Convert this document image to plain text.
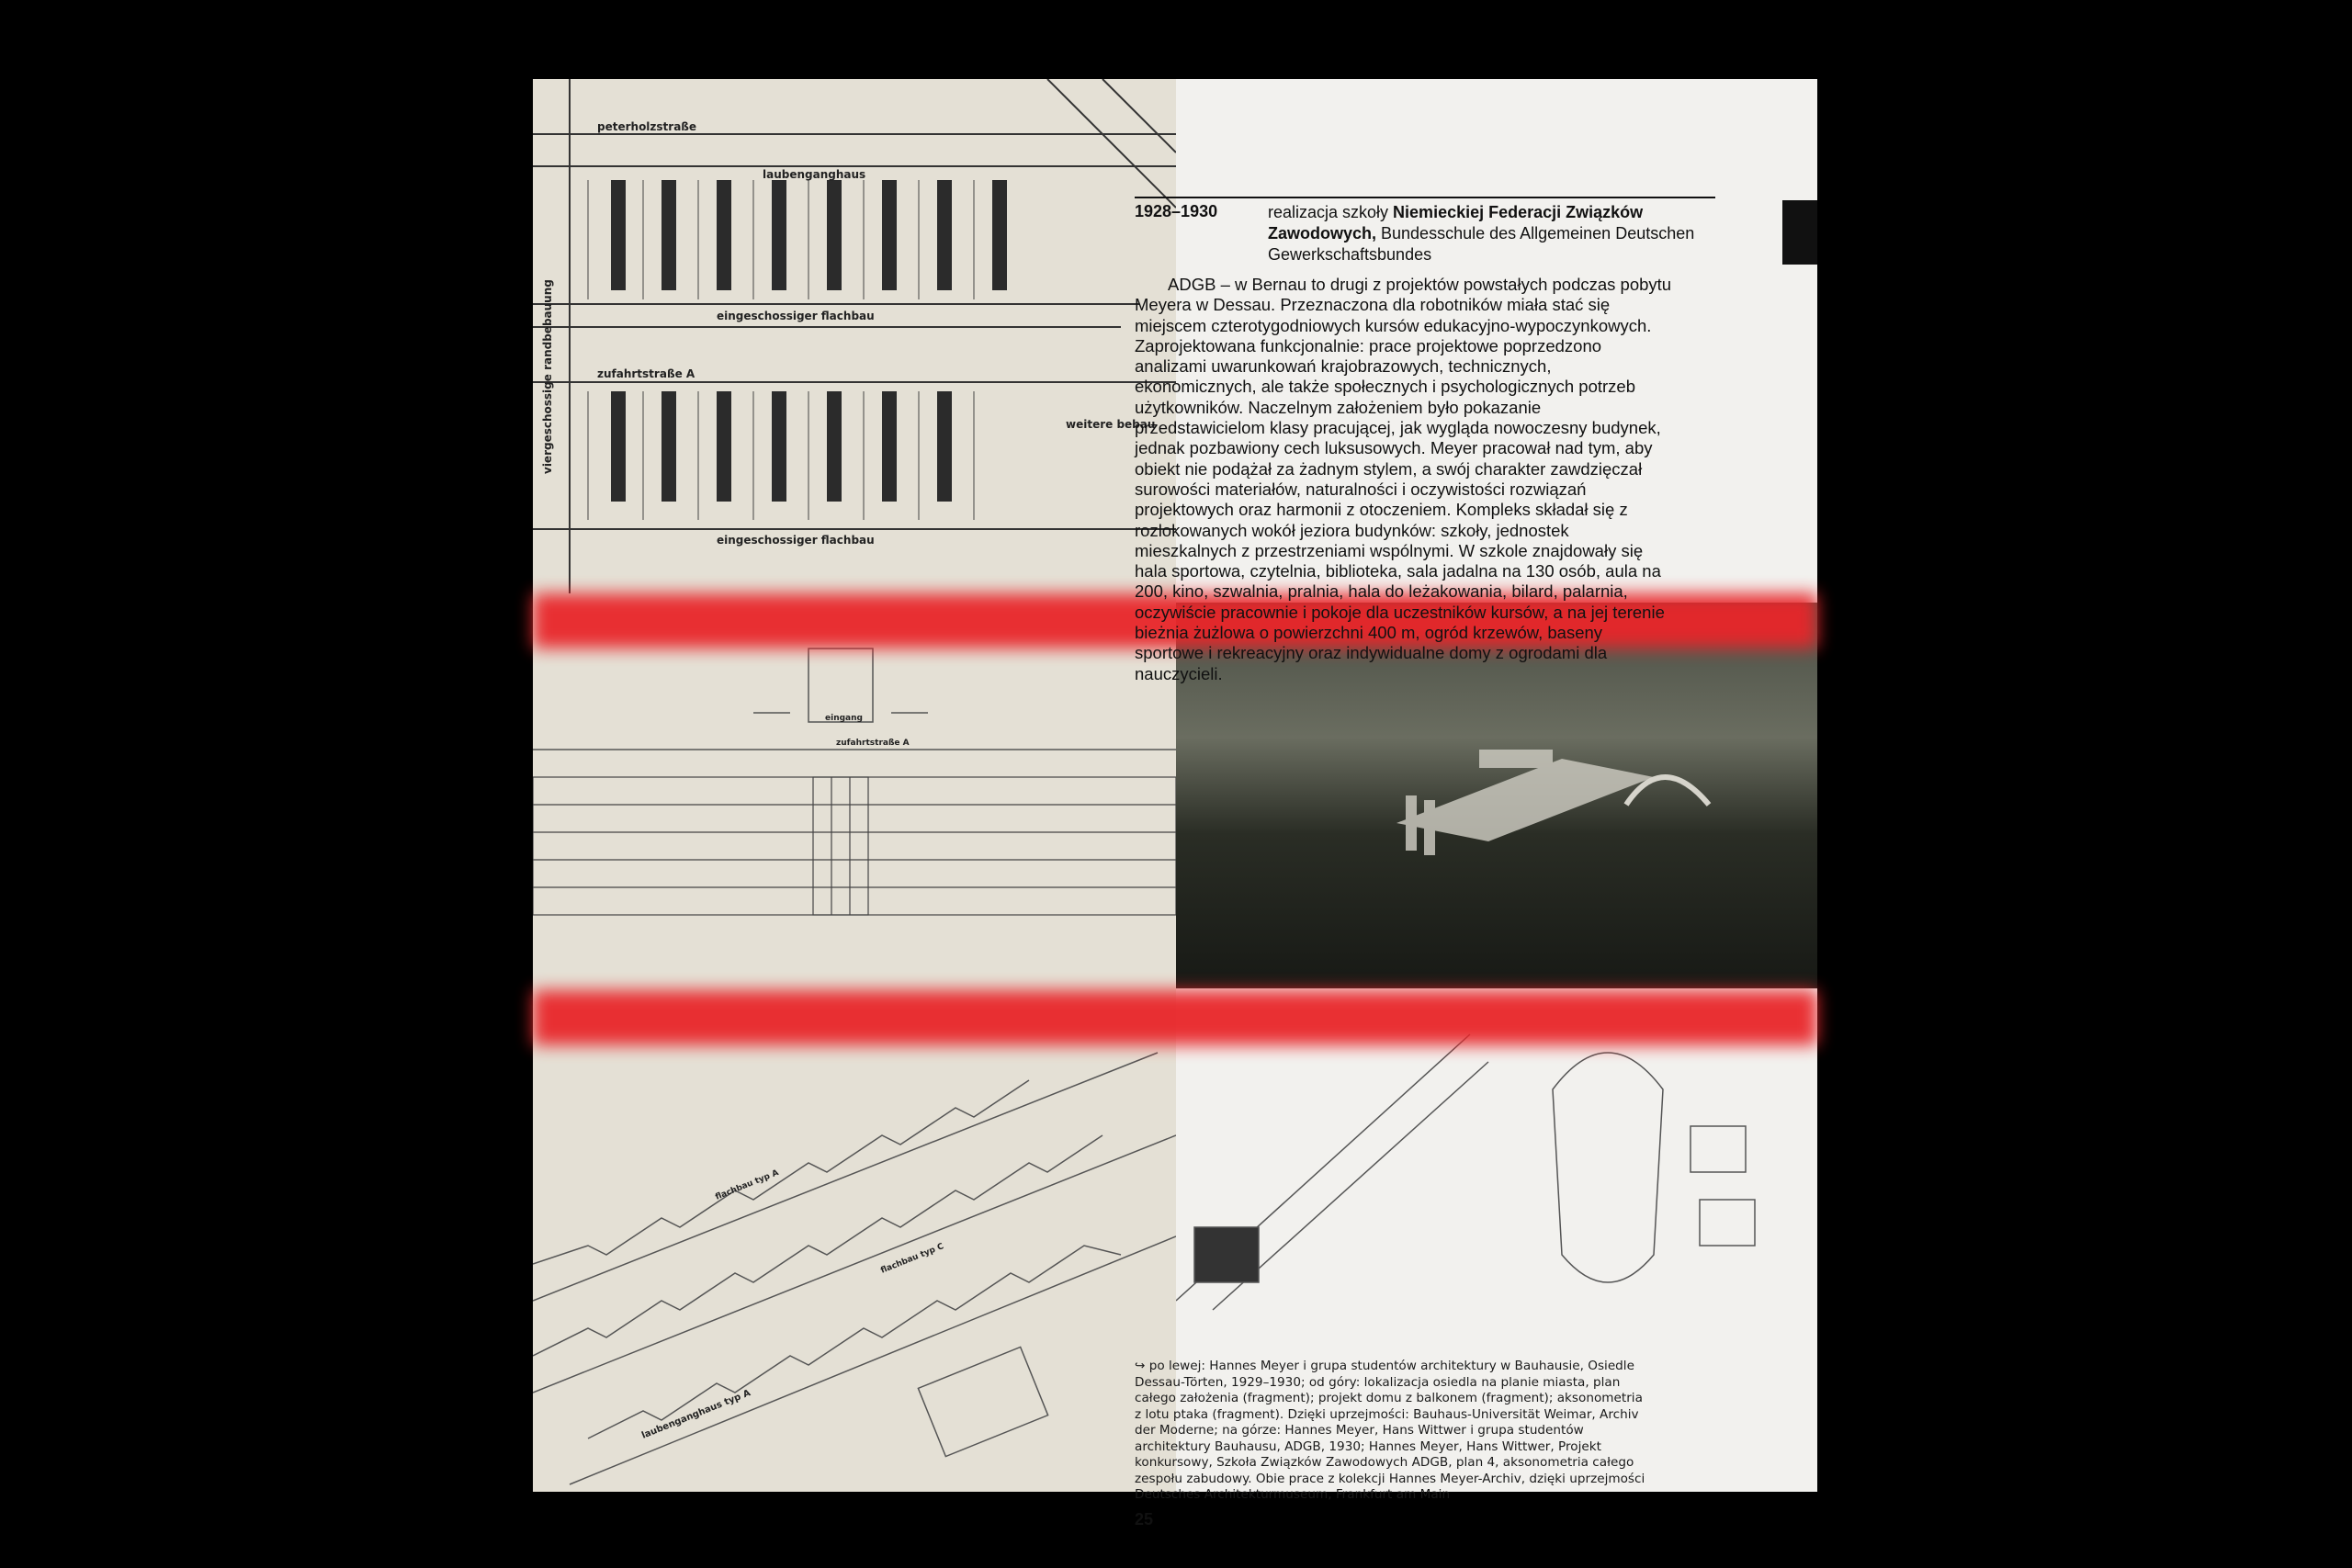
peterholzstraße
laubenganghaus
eingeschossiger flachbau
zufahrtstraße A
weitere bebau
eingeschossiger flachbau
viergeschossige randbebauung
eingang
zufahrtstraße A
flachbau typ A
flachbau typ C
laubenganghaus typ A
1928–1930	realizacja szkoły Niemieckiej Federacji Związków Zawodowych, Bundesschule des Allgemeinen Deutschen Gewerkschaftsbundes
ADGB – w Bernau to drugi z projektów powstałych podczas pobytu Meyera w Dessau. Przeznaczona dla robotników miała stać się miejscem czterotygodniowych kursów edukacyjno-wypoczynkowych. Zaprojektowana funkcjonalnie: prace projektowe poprzedzono analizami uwarunkowań krajobrazowych, technicznych, ekonomicznych, ale także społecznych i psychologicznych potrzeb użytkowników. Naczelnym założeniem było pokazanie przedstawicielom klasy pracującej, jak wygląda nowoczesny budynek, jednak pozbawiony cech luksusowych. Meyer pracował nad tym, aby obiekt nie podążał za żadnym stylem, a swój charakter zawdzięczał surowości materiałów, naturalności i oczywistości rozwiązań projektowych oraz harmonii z otoczeniem. Kompleks składał się z rozlokowanych wokół jeziora budynków: szkoły, jednostek mieszkalnych z przestrzeniami wspólnymi. W szkole znajdowały się hala sportowa, czytelnia, biblioteka, sala jadalna na 130 osób, aula na 200, kino, szwalnia, pralnia, hala do leżakowania, bilard, palarnia, oczywiście pracownie i pokoje dla uczestników kursów, a na jej terenie bieżnia żużlowa o powierzchni 400 m, ogród krzewów, baseny sportowe i rekreacyjny oraz indywidualne domy z ogrodami dla nauczycieli.
↪ po lewej: Hannes Meyer i grupa studentów architektury w Bauhausie, Osiedle Dessau-Törten, 1929–1930; od góry: lokalizacja osiedla na planie miasta, plan całego założenia (fragment); projekt domu z balkonem (fragment); aksonometria z lotu ptaka (fragment). Dzięki uprzejmości: Bauhaus-Universität Weimar, Archiv der Moderne; na górze: Hannes Meyer, Hans Wittwer i grupa studentów architektury Bauhausu, ADGB, 1930; Hannes Meyer, Hans Wittwer, Projekt konkursowy, Szkoła Związków Zawodowych ADGB, plan 4, aksonometria całego zespołu zabudowy. Obie prace z kolekcji Hannes Meyer-Archiv, dzięki uprzejmości Deutsches Architekturmuseum, Frankfurt am Main
25
